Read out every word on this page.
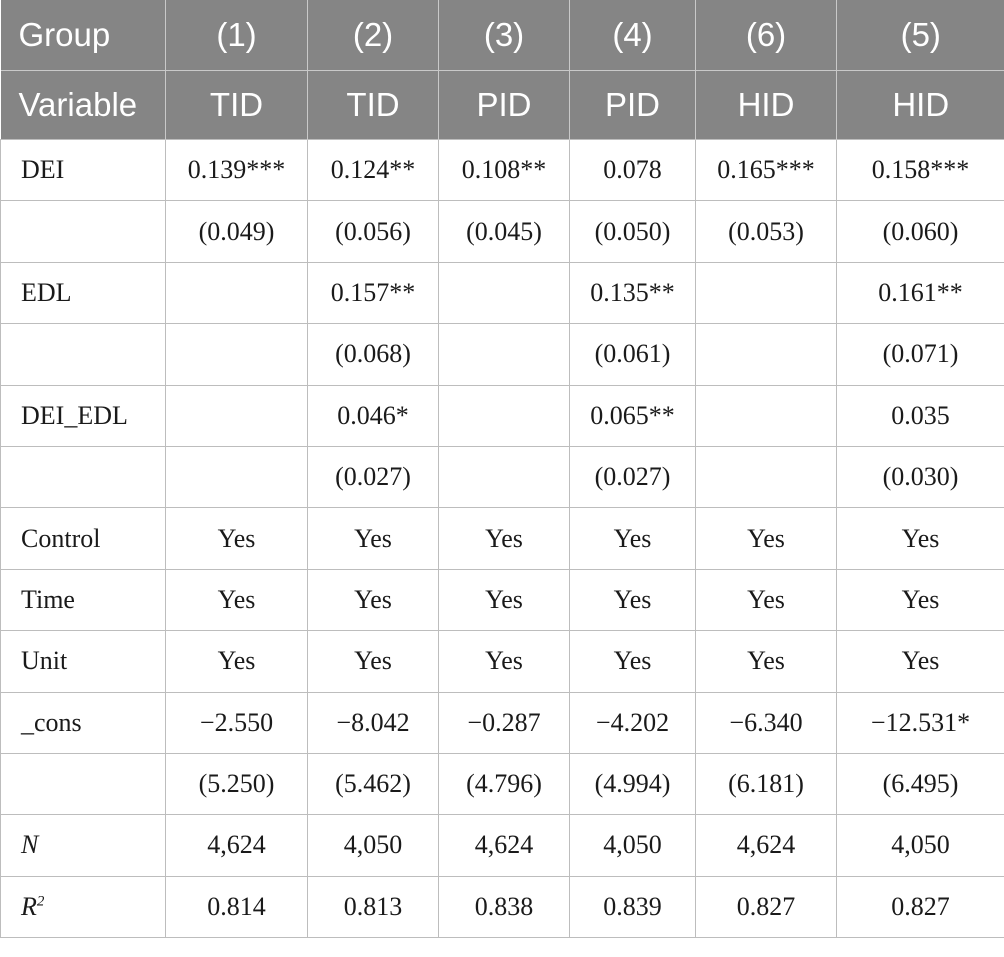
Group	(1)	(2)	(3)	(4)	(6)	(5)
Variable	TID	TID	PID	PID	HID	HID
DEI	0.139***	0.124**	0.108**	0.078	0.165***	0.158***
	(0.049)	(0.056)	(0.045)	(0.050)	(0.053)	(0.060)
EDL		0.157**		0.135**		0.161**
		(0.068)		(0.061)		(0.071)
DEI_EDL		0.046*		0.065**		0.035
		(0.027)		(0.027)		(0.030)
Control	Yes	Yes	Yes	Yes	Yes	Yes
Time	Yes	Yes	Yes	Yes	Yes	Yes
Unit	Yes	Yes	Yes	Yes	Yes	Yes
_cons	−2.550	−8.042	−0.287	−4.202	−6.340	−12.531*
	(5.250)	(5.462)	(4.796)	(4.994)	(6.181)	(6.495)
N	4,624	4,050	4,624	4,050	4,624	4,050
$R^2$	0.814	0.813	0.838	0.839	0.827	0.827
